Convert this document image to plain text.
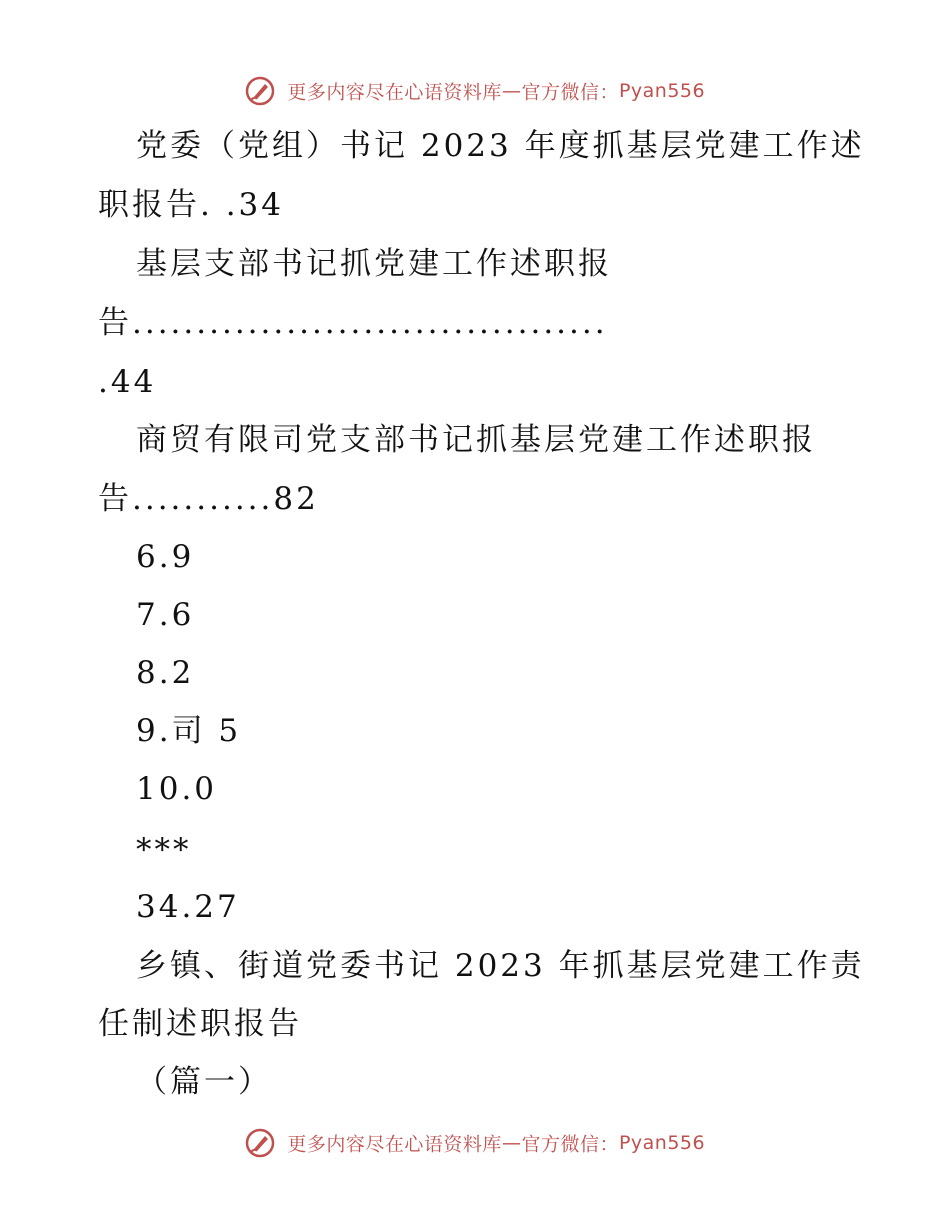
更多内容尽在心语资料库—官方微信：Pyan556
党委（党组）书记 2023 年度抓基层党建工作述
职报告. .34
基层支部书记抓党建工作述职报
告.....................................
.44
商贸有限司党支部书记抓基层党建工作述职报
告...........82
6.9
7.6
8.2
9.司 5
10.0
***
34.27
乡镇、街道党委书记 2023 年抓基层党建工作责
任制述职报告
（篇一）
更多内容尽在心语资料库—官方微信：Pyan556
